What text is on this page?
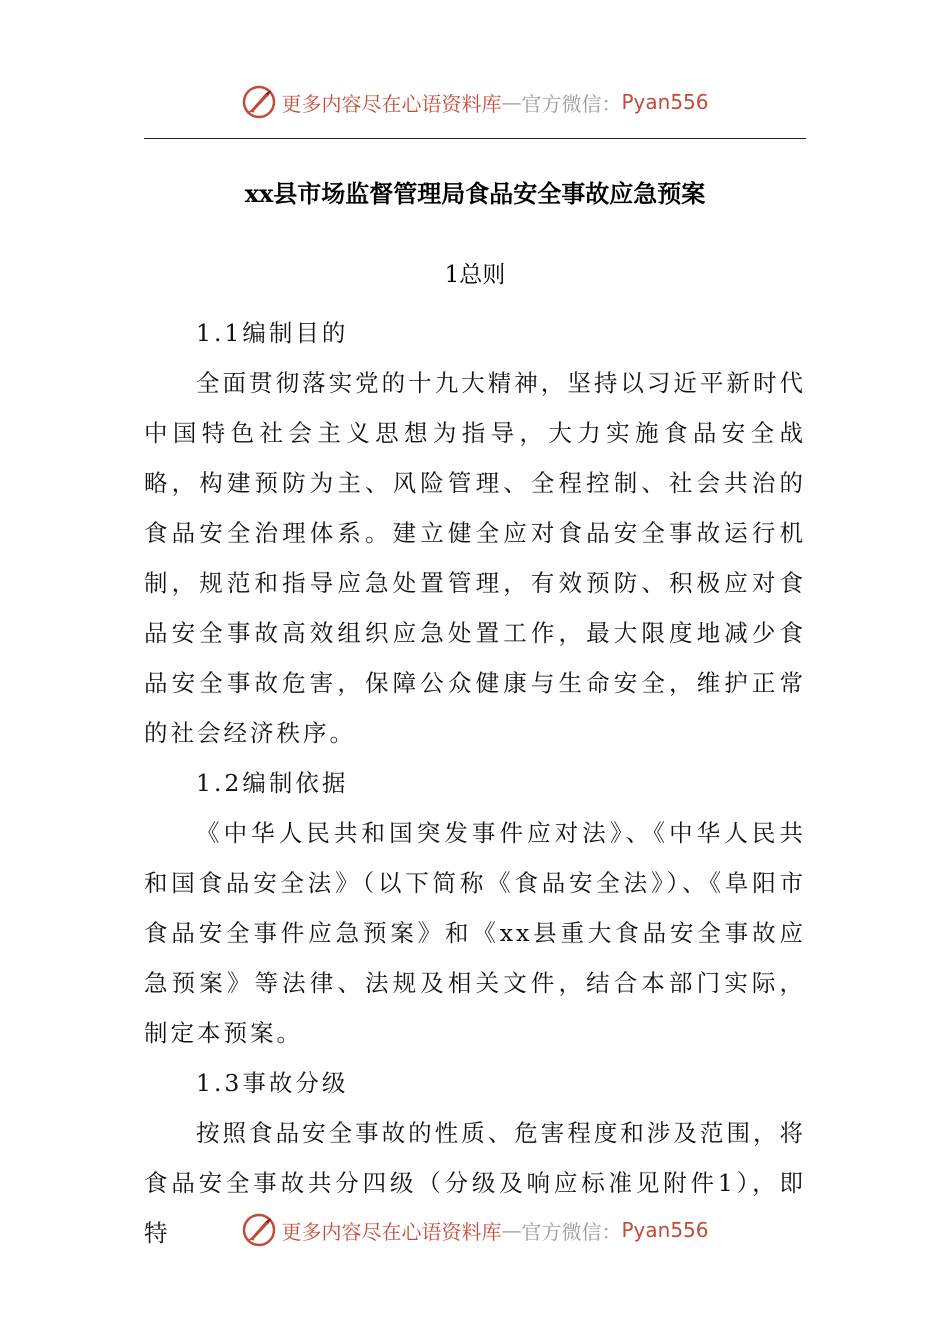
更多内容尽在心语资料库 — 官方微信： Pyan556
xx县市场监督管理局食品安全事故应急预案
1总则

1.1编制目的

全面贯彻落实党的十九大精神，坚持以习近平新时代中国特色社会主义思想为指导，大力实施食品安全战略，构建预防为主、风险管理、全程控制、社会共治的食品安全治理体系。建立健全应对食品安全事故运行机制，规范和指导应急处置管理，有效预防、积极应对食品安全事故高效组织应急处置工作，最大限度地减少食品安全事故危害，保障公众健康与生命安全，维护正常的社会经济秩序。

1.2编制依据

《中华人民共和国突发事件应对法》、《中华人民共和国食品安全法》（以下简称《食品安全法》）、《阜阳市食品安全事件应急预案》和《xx县重大食品安全事故应急预案》等法律、法规及相关文件，结合本部门实际，制定本预案。

1.3事故分级

按照食品安全事故的性质、危害程度和涉及范围，将食品安全事故共分四级（分级及响应标准见附件1），即特	更多内容尽在心语资料库 — 官方微信： Pyan556
